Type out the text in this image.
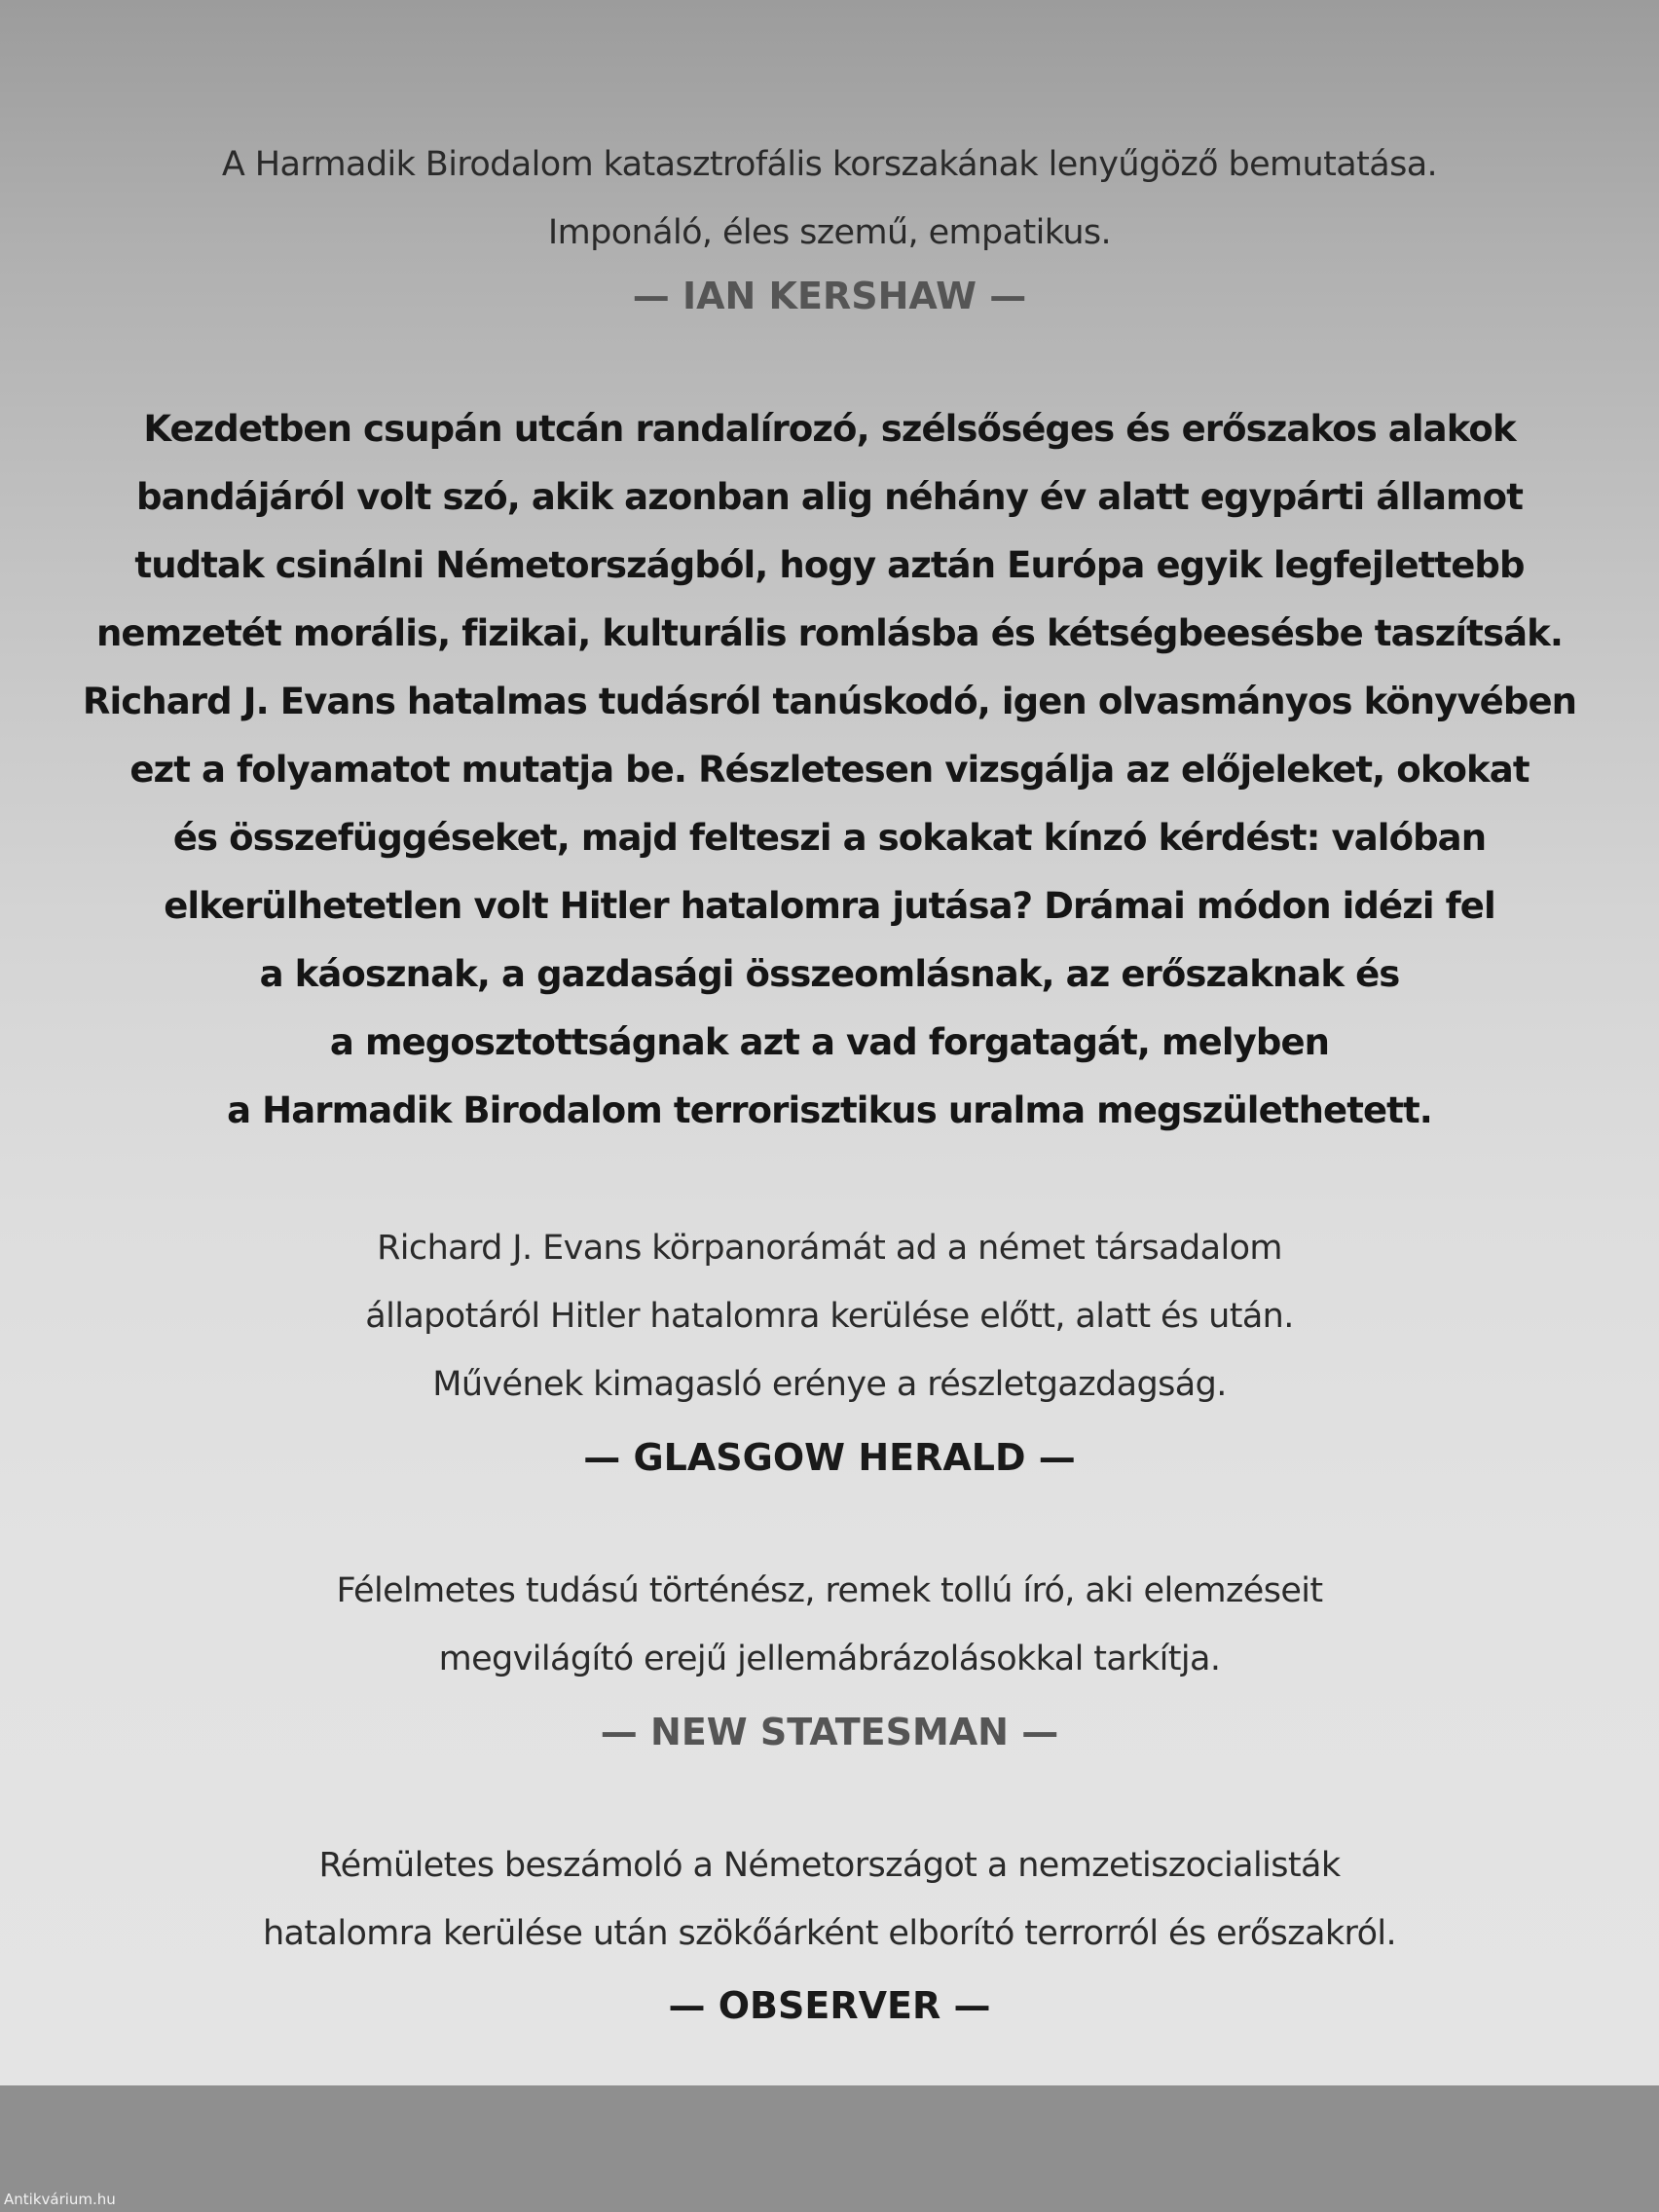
A Harmadik Birodalom katasztrofális korszakának lenyűgöző bemutatása.
Imponáló, éles szemű, empatikus.
— IAN KERSHAW —
Kezdetben csupán utcán randalírozó, szélsőséges és erőszakos alakok
bandájáról volt szó, akik azonban alig néhány év alatt egypárti államot
tudtak csinálni Németországból, hogy aztán Európa egyik legfejlettebb
nemzetét morális, fizikai, kulturális romlásba és kétségbeesésbe taszítsák.
Richard J. Evans hatalmas tudásról tanúskodó, igen olvasmányos könyvében
ezt a folyamatot mutatja be. Részletesen vizsgálja az előjeleket, okokat
és összefüggéseket, majd felteszi a sokakat kínzó kérdést: valóban
elkerülhetetlen volt Hitler hatalomra jutása? Drámai módon idézi fel
a káosznak, a gazdasági összeomlásnak, az erőszaknak és
a megosztottságnak azt a vad forgatagát, melyben
a Harmadik Birodalom terrorisztikus uralma megszülethetett.
Richard J. Evans körpanorámát ad a német társadalom
állapotáról Hitler hatalomra kerülése előtt, alatt és után.
Művének kimagasló erénye a részletgazdagság.
— GLASGOW HERALD —
Félelmetes tudású történész, remek tollú író, aki elemzéseit
megvilágító erejű jellemábrázolásokkal tarkítja.
— NEW STATESMAN —
Rémületes beszámoló a Németországot a nemzetiszocialisták
hatalomra kerülése után szökőárként elborító terrorról és erőszakról.
— OBSERVER —
Antikvárium.hu
